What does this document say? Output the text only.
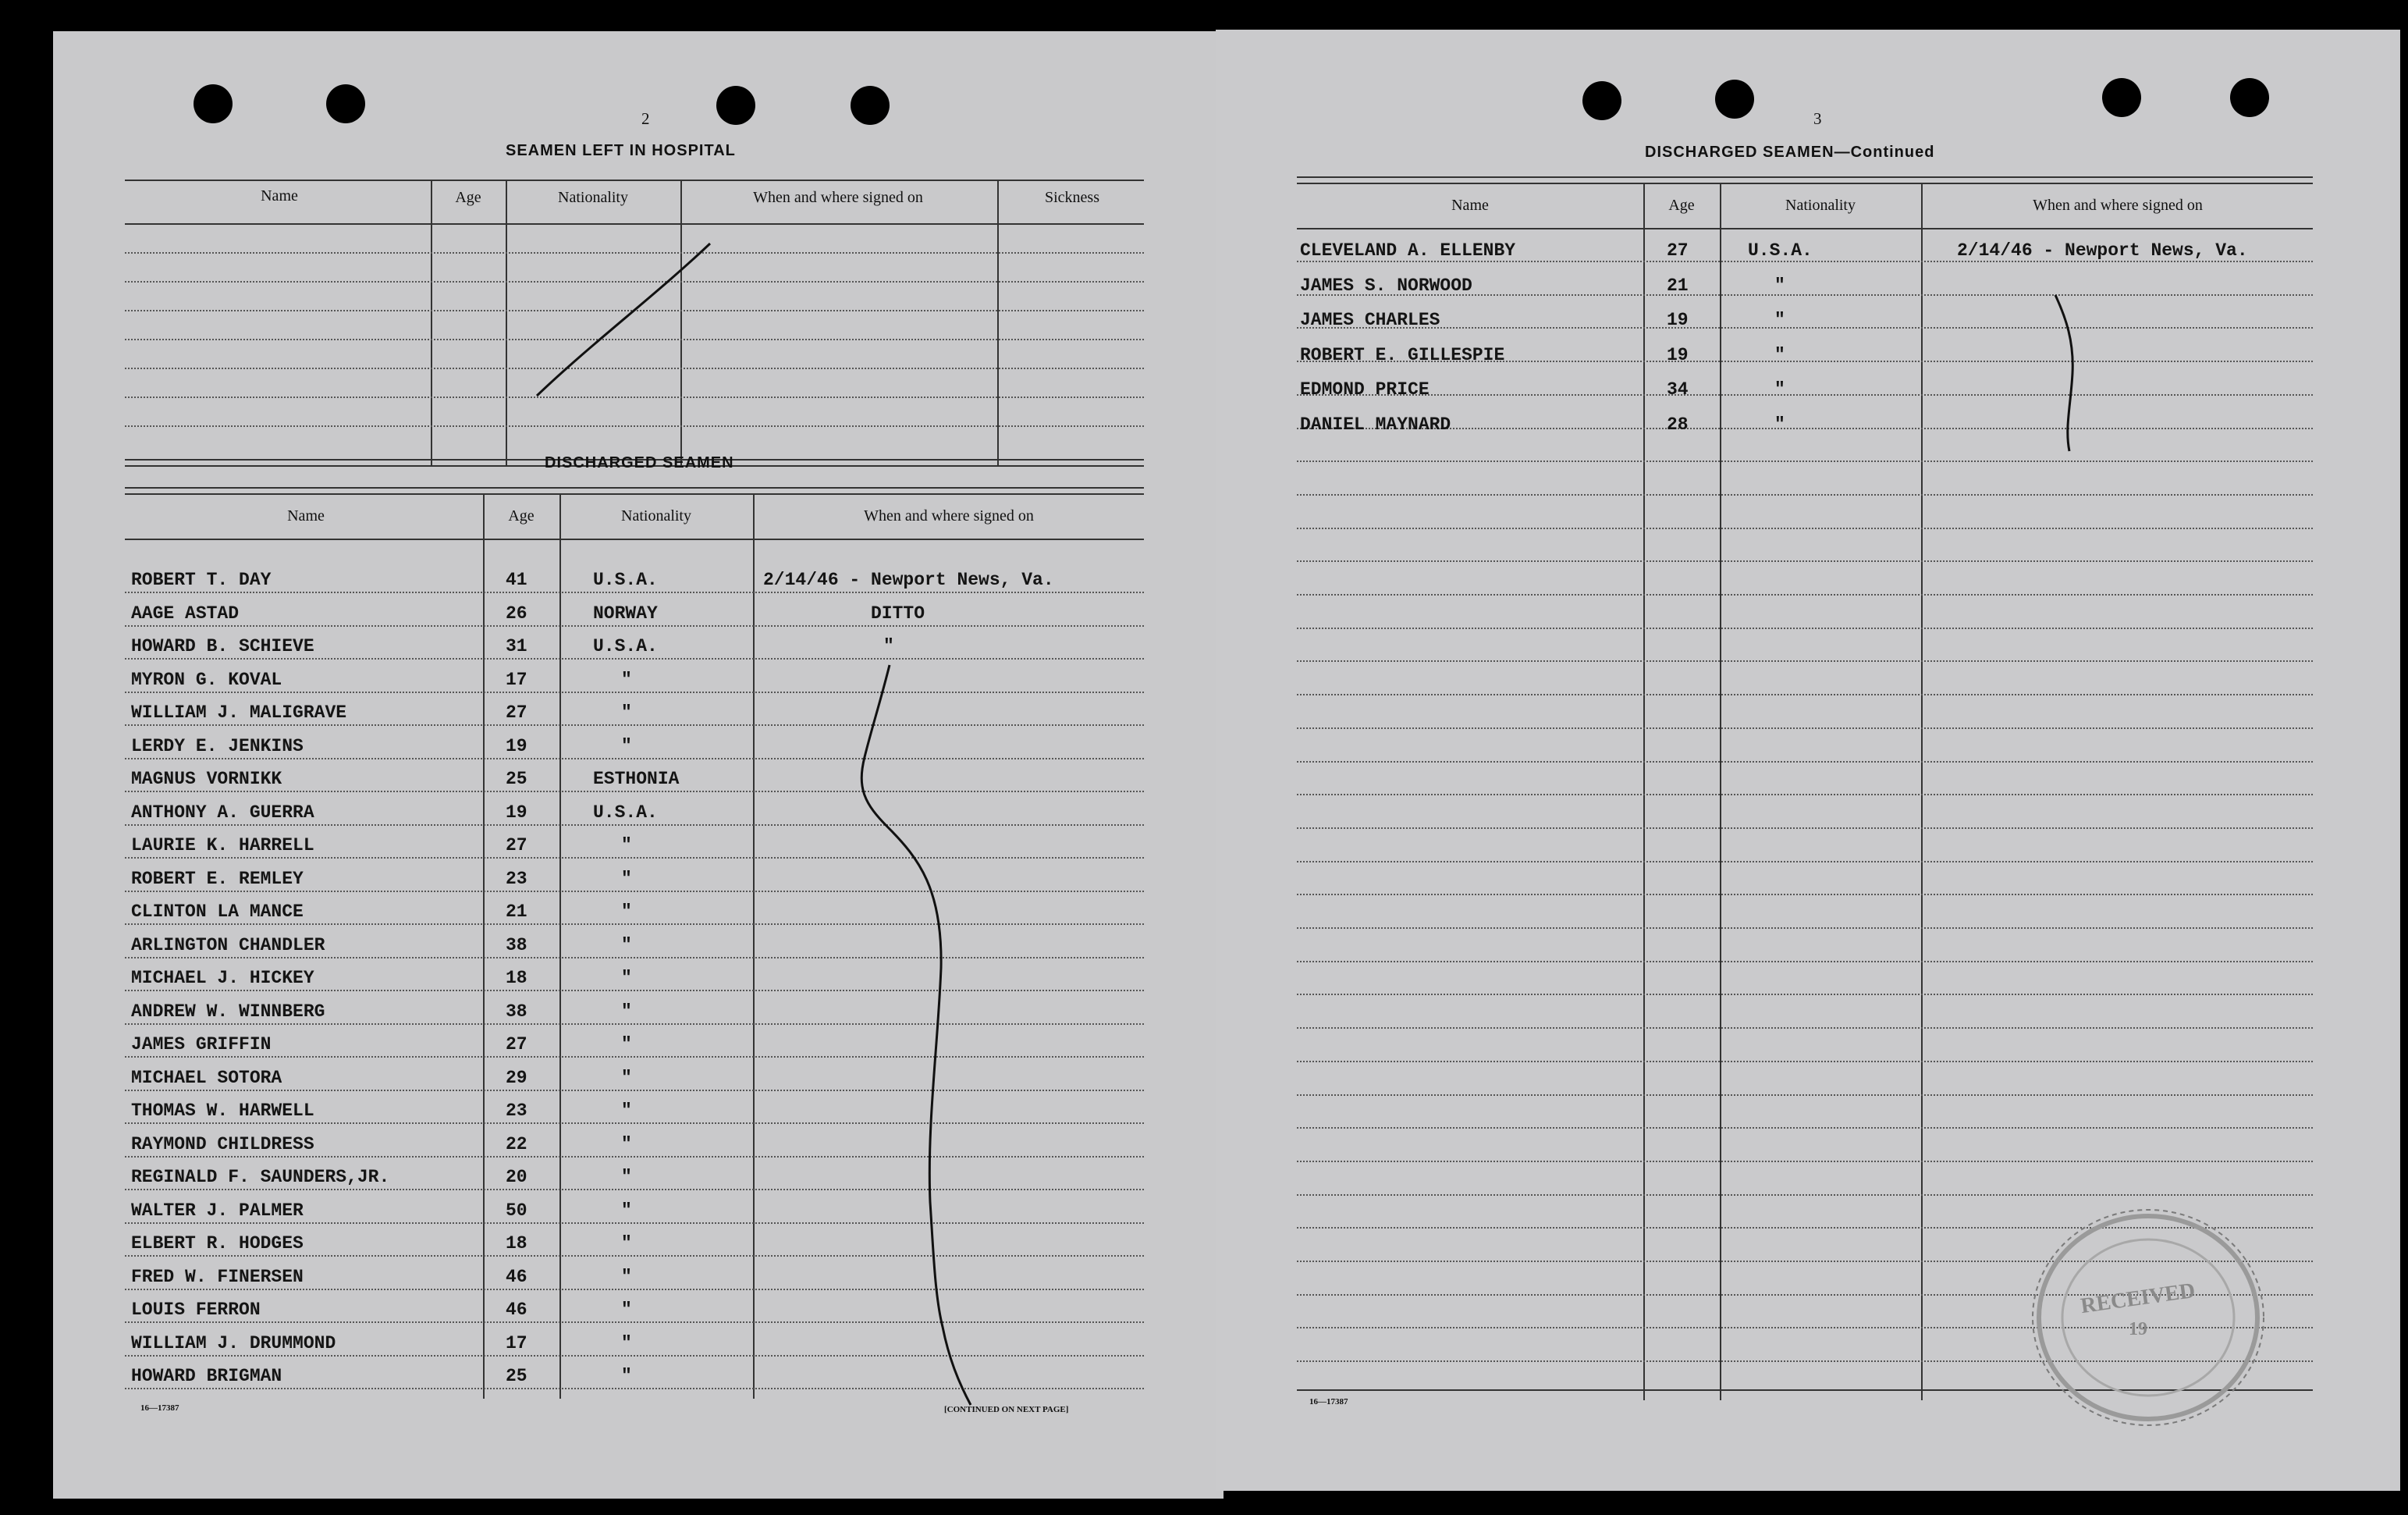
2
SEAMEN LEFT IN HOSPITAL
Name	Age	Nationality	When and where signed on	Sickness
DISCHARGED SEAMEN
Name	Age	Nationality	When and where signed on
ROBERT T. DAY	41	U.S.A.	2/14/46 - Newport News, Va.
AAGE ASTAD	26	NORWAY	DITTO
HOWARD B. SCHIEVE	31	U.S.A.	"
MYRON G. KOVAL	17	"
WILLIAM J. MALIGRAVE	27	"
LERDY E. JENKINS	19	"
MAGNUS VORNIKK	25	ESTHONIA
ANTHONY A. GUERRA	19	U.S.A.
LAURIE K. HARRELL	27	"
ROBERT E. REMLEY	23	"
CLINTON LA MANCE	21	"
ARLINGTON CHANDLER	38	"
MICHAEL J. HICKEY	18	"
ANDREW W. WINNBERG	38	"
JAMES GRIFFIN	27	"
MICHAEL SOTORA	29	"
THOMAS W. HARWELL	23	"
RAYMOND CHILDRESS	22	"
REGINALD F. SAUNDERS,JR.	20	"
WALTER J. PALMER	50	"
ELBERT R. HODGES	18	"
FRED W. FINERSEN	46	"
LOUIS FERRON	46	"
WILLIAM J. DRUMMOND	17	"
HOWARD BRIGMAN	25	"
16—17387	[CONTINUED ON NEXT PAGE]
3
DISCHARGED SEAMEN—Continued
Name	Age	Nationality	When and where signed on
CLEVELAND A. ELLENBY	27	U.S.A.	2/14/46 - Newport News, Va.
JAMES S. NORWOOD	21	"
JAMES CHARLES	19	"
ROBERT E. GILLESPIE	19	"
EDMOND PRICE	34	"
DANIEL MAYNARD	28	"
RECEIVED
19
16—17387
